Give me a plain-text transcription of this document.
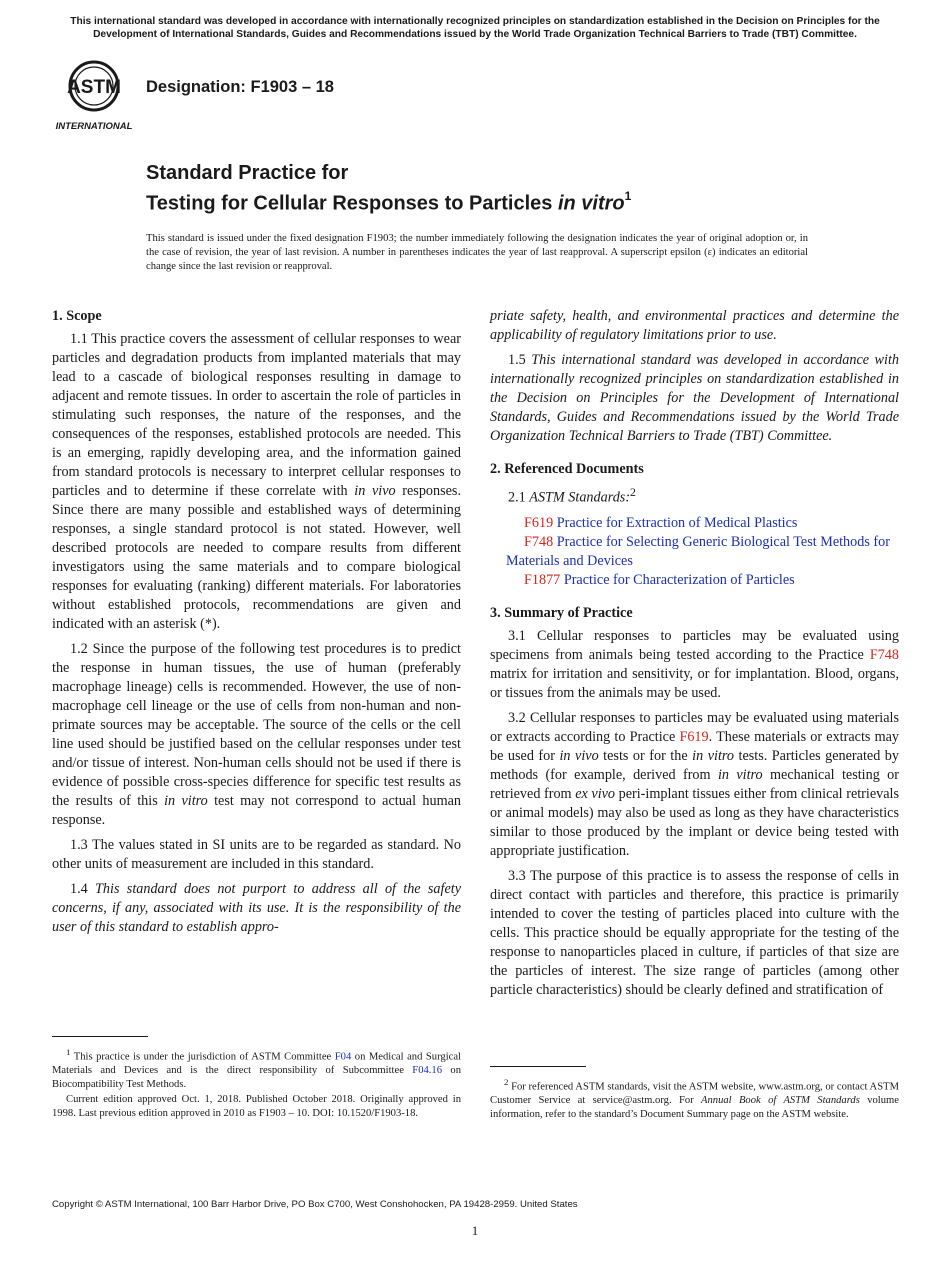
This international standard was developed in accordance with internationally recognized principles on standardization established in the Decision on Principles for the Development of International Standards, Guides and Recommendations issued by the World Trade Organization Technical Barriers to Trade (TBT) Committee.
ASTM
INTERNATIONAL
Designation: F1903 – 18
Standard Practice for
Testing for Cellular Responses to Particles in vitro$^1$
This standard is issued under the fixed designation F1903; the number immediately following the designation indicates the year of original adoption or, in the case of revision, the year of last revision. A number in parentheses indicates the year of last reapproval. A superscript epsilon (ε) indicates an editorial change since the last revision or reapproval.
1. Scope

1.1 This practice covers the assessment of cellular responses to wear particles and degradation products from implanted materials that may lead to a cascade of biological responses resulting in damage to adjacent and remote tissues. In order to ascertain the role of particles in stimulating such responses, the nature of the responses, and the consequences of the responses, established protocols are needed. This is an emerging, rapidly developing area, and the information gained from standard protocols is necessary to interpret cellular responses to particles and to determine if these correlate with in vivo responses. Since there are many possible and established ways of determining responses, a single standard protocol is not stated. However, well described protocols are needed to compare results from different investigators using the same materials and to compare biological responses for evaluating (ranking) different materials. For laboratories without established protocols, recommendations are given and indicated with an asterisk (*).

1.2 Since the purpose of the following test procedures is to predict the response in human tissues, the use of human (preferably macrophage lineage) cells is recommended. However, the use of non-macrophage cell lineage or the use of cells from non-human and non-primate sources may be acceptable. The source of the cells or the cell line used should be justified based on the cellular responses under test and/or tissue of interest. Non-human cells should not be used if there is evidence of possible cross-species difference for specific test results as the results of this in vitro test may not correspond to actual human response.

1.3 The values stated in SI units are to be regarded as standard. No other units of measurement are included in this standard.

1.4 This standard does not purport to address all of the safety concerns, if any, associated with its use. It is the responsibility of the user of this standard to establish appro-

$^1$ This practice is under the jurisdiction of ASTM Committee F04 on Medical and Surgical Materials and Devices and is the direct responsibility of Subcommittee F04.16 on Biocompatibility Test Methods.

Current edition approved Oct. 1, 2018. Published October 2018. Originally approved in 1998. Last previous edition approved in 2010 as F1903 – 10. DOI: 10.1520/F1903-18.

priate safety, health, and environmental practices and determine the applicability of regulatory limitations prior to use.

1.5 This international standard was developed in accordance with internationally recognized principles on standardization established in the Decision on Principles for the Development of International Standards, Guides and Recommendations issued by the World Trade Organization Technical Barriers to Trade (TBT) Committee.

2. Referenced Documents

2.1 ASTM Standards:$^2$

F619 Practice for Extraction of Medical Plastics

F748 Practice for Selecting Generic Biological Test Methods for Materials and Devices

F1877 Practice for Characterization of Particles

3. Summary of Practice

3.1 Cellular responses to particles may be evaluated using specimens from animals being tested according to the Practice F748 matrix for irritation and sensitivity, or for implantation. Blood, organs, or tissues from the animals may be used.

3.2 Cellular responses to particles may be evaluated using materials or extracts according to Practice F619. These materials or extracts may be used for in vivo tests or for the in vitro tests. Particles generated by methods (for example, derived from in vitro mechanical testing or retrieved from ex vivo peri-implant tissues either from clinical retrievals or animal models) may also be used as long as they have characteristics similar to those produced by the implant or device being tested with appropriate justification.

3.3 The purpose of this practice is to assess the response of cells in direct contact with particles and therefore, this practice is primarily intended to cover the testing of particles placed into culture with the cells. This practice should be equally appropriate for the testing of the response to nanoparticles placed in culture, if particles of that size are the particles of interest. The size range of particles (among other particle characteristics) should be clearly defined and stratification of

$^2$ For referenced ASTM standards, visit the ASTM website, www.astm.org, or contact ASTM Customer Service at service@astm.org. For Annual Book of ASTM Standards volume information, refer to the standard’s Document Summary page on the ASTM website.

Copyright © ASTM International, 100 Barr Harbor Drive, PO Box C700, West Conshohocken, PA 19428-2959. United States
1
